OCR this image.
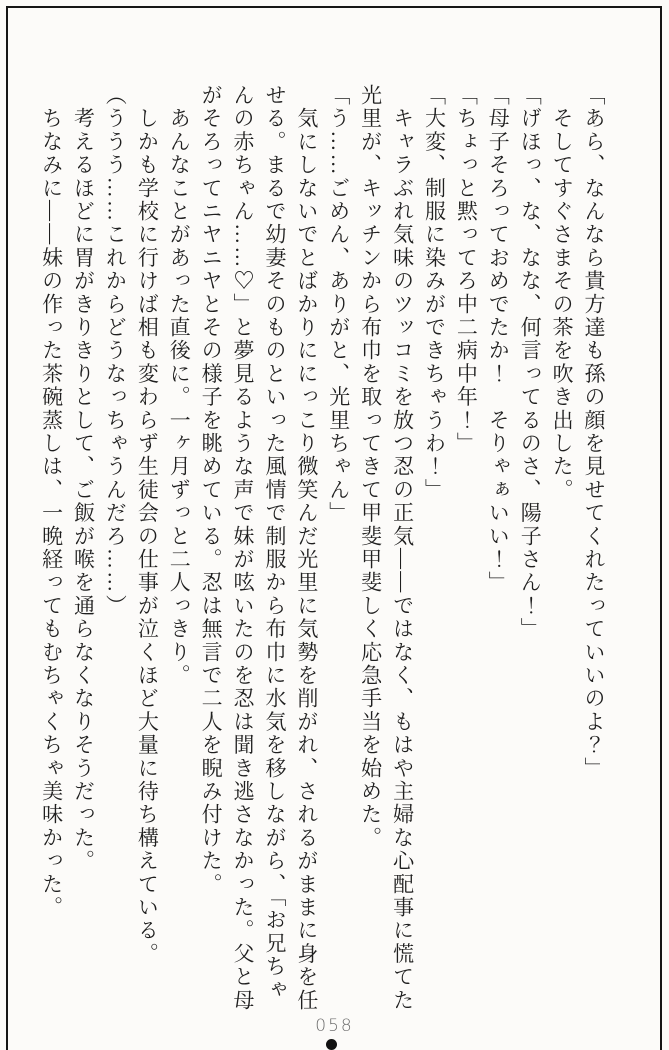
「あら、なんなら貴方達も孫の顔を見せてくれたっていいのよ？」
　そしてすぐさまその茶を吹き出した。
「げほっ、な、なな、何言ってるのさ、陽子さん！」
「母子そろっておめでたか！　そりゃぁいい！」
「ちょっと黙ってろ中二病中年！」
「大変、制服に染みができちゃうわ！」
　キャラぶれ気味のツッコミを放つ忍の正気――ではなく、もはや主婦な心配事に慌てた
光里が、キッチンから布巾を取ってきて甲斐甲斐しく応急手当を始めた。
「う……ごめん、ありがと、光里ちゃん」
　気にしないでとばかりににっこり微笑んだ光里に気勢を削がれ、されるがままに身を任
せる。まるで幼妻そのものといった風情で制服から布巾に水気を移しながら、「お兄ちゃ
んの赤ちゃん……♡」と夢見るような声で妹が呟いたのを忍は聞き逃さなかった。父と母
がそろってニヤニヤとその様子を眺めている。忍は無言で二人を睨み付けた。
　あんなことがあった直後に。一ヶ月ずっと二人っきり。
　しかも学校に行けば相も変わらず生徒会の仕事が泣くほど大量に待ち構えている。
（ううう……これからどうなっちゃうんだろ……）
　考えるほどに胃がきりきりとして、ご飯が喉を通らなくなりそうだった。
　ちなみに――妹の作った茶碗蒸しは、一晩経ってもむちゃくちゃ美味かった。
058
